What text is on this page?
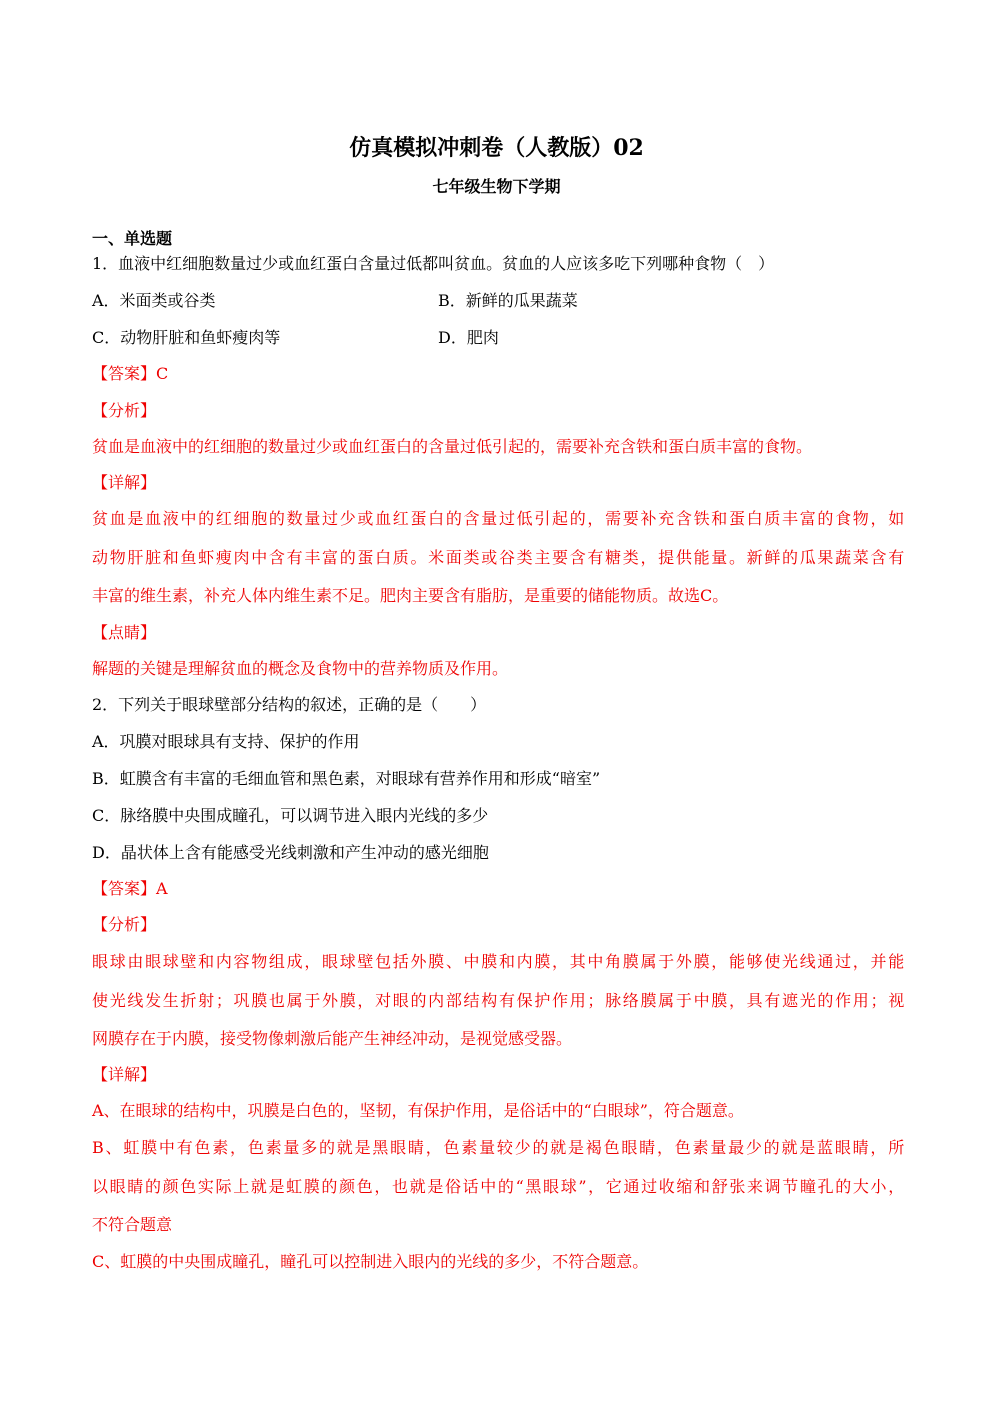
仿真模拟冲刺卷（人教版）02
七年级生物下学期
一、单选题
1．血液中红细胞数量过少或血红蛋白含量过低都叫贫血。贫血的人应该多吃下列哪种食物（　）
A．米面类或谷类	B．新鲜的瓜果蔬菜
C．动物肝脏和鱼虾瘦肉等	D．肥肉
【答案】C
【分析】
贫血是血液中的红细胞的数量过少或血红蛋白的含量过低引起的，需要补充含铁和蛋白质丰富的食物。
【详解】
贫血是血液中的红细胞的数量过少或血红蛋白的含量过低引起的，需要补充含铁和蛋白质丰富的食物，如
动物肝脏和鱼虾瘦肉中含有丰富的蛋白质。米面类或谷类主要含有糖类，提供能量。新鲜的瓜果蔬菜含有
丰富的维生素，补充人体内维生素不足。肥肉主要含有脂肪，是重要的储能物质。故选C。
【点睛】
解题的关键是理解贫血的概念及食物中的营养物质及作用。
2．下列关于眼球壁部分结构的叙述，正确的是（　　）
A．巩膜对眼球具有支持、保护的作用
B．虹膜含有丰富的毛细血管和黑色素，对眼球有营养作用和形成“暗室”
C．脉络膜中央围成瞳孔，可以调节进入眼内光线的多少
D．晶状体上含有能感受光线刺激和产生冲动的感光细胞
【答案】A
【分析】
眼球由眼球壁和内容物组成，眼球壁包括外膜、中膜和内膜，其中角膜属于外膜，能够使光线通过，并能
使光线发生折射；巩膜也属于外膜，对眼的内部结构有保护作用；脉络膜属于中膜，具有遮光的作用；视
网膜存在于内膜，接受物像刺激后能产生神经冲动，是视觉感受器。
【详解】
A、在眼球的结构中，巩膜是白色的，坚韧，有保护作用，是俗话中的“白眼球”，符合题意。
B、虹膜中有色素，色素量多的就是黑眼睛，色素量较少的就是褐色眼睛，色素量最少的就是蓝眼睛，所
以眼睛的颜色实际上就是虹膜的颜色，也就是俗话中的“黑眼球”，它通过收缩和舒张来调节瞳孔的大小，
不符合题意
C、虹膜的中央围成瞳孔，瞳孔可以控制进入眼内的光线的多少，不符合题意。
